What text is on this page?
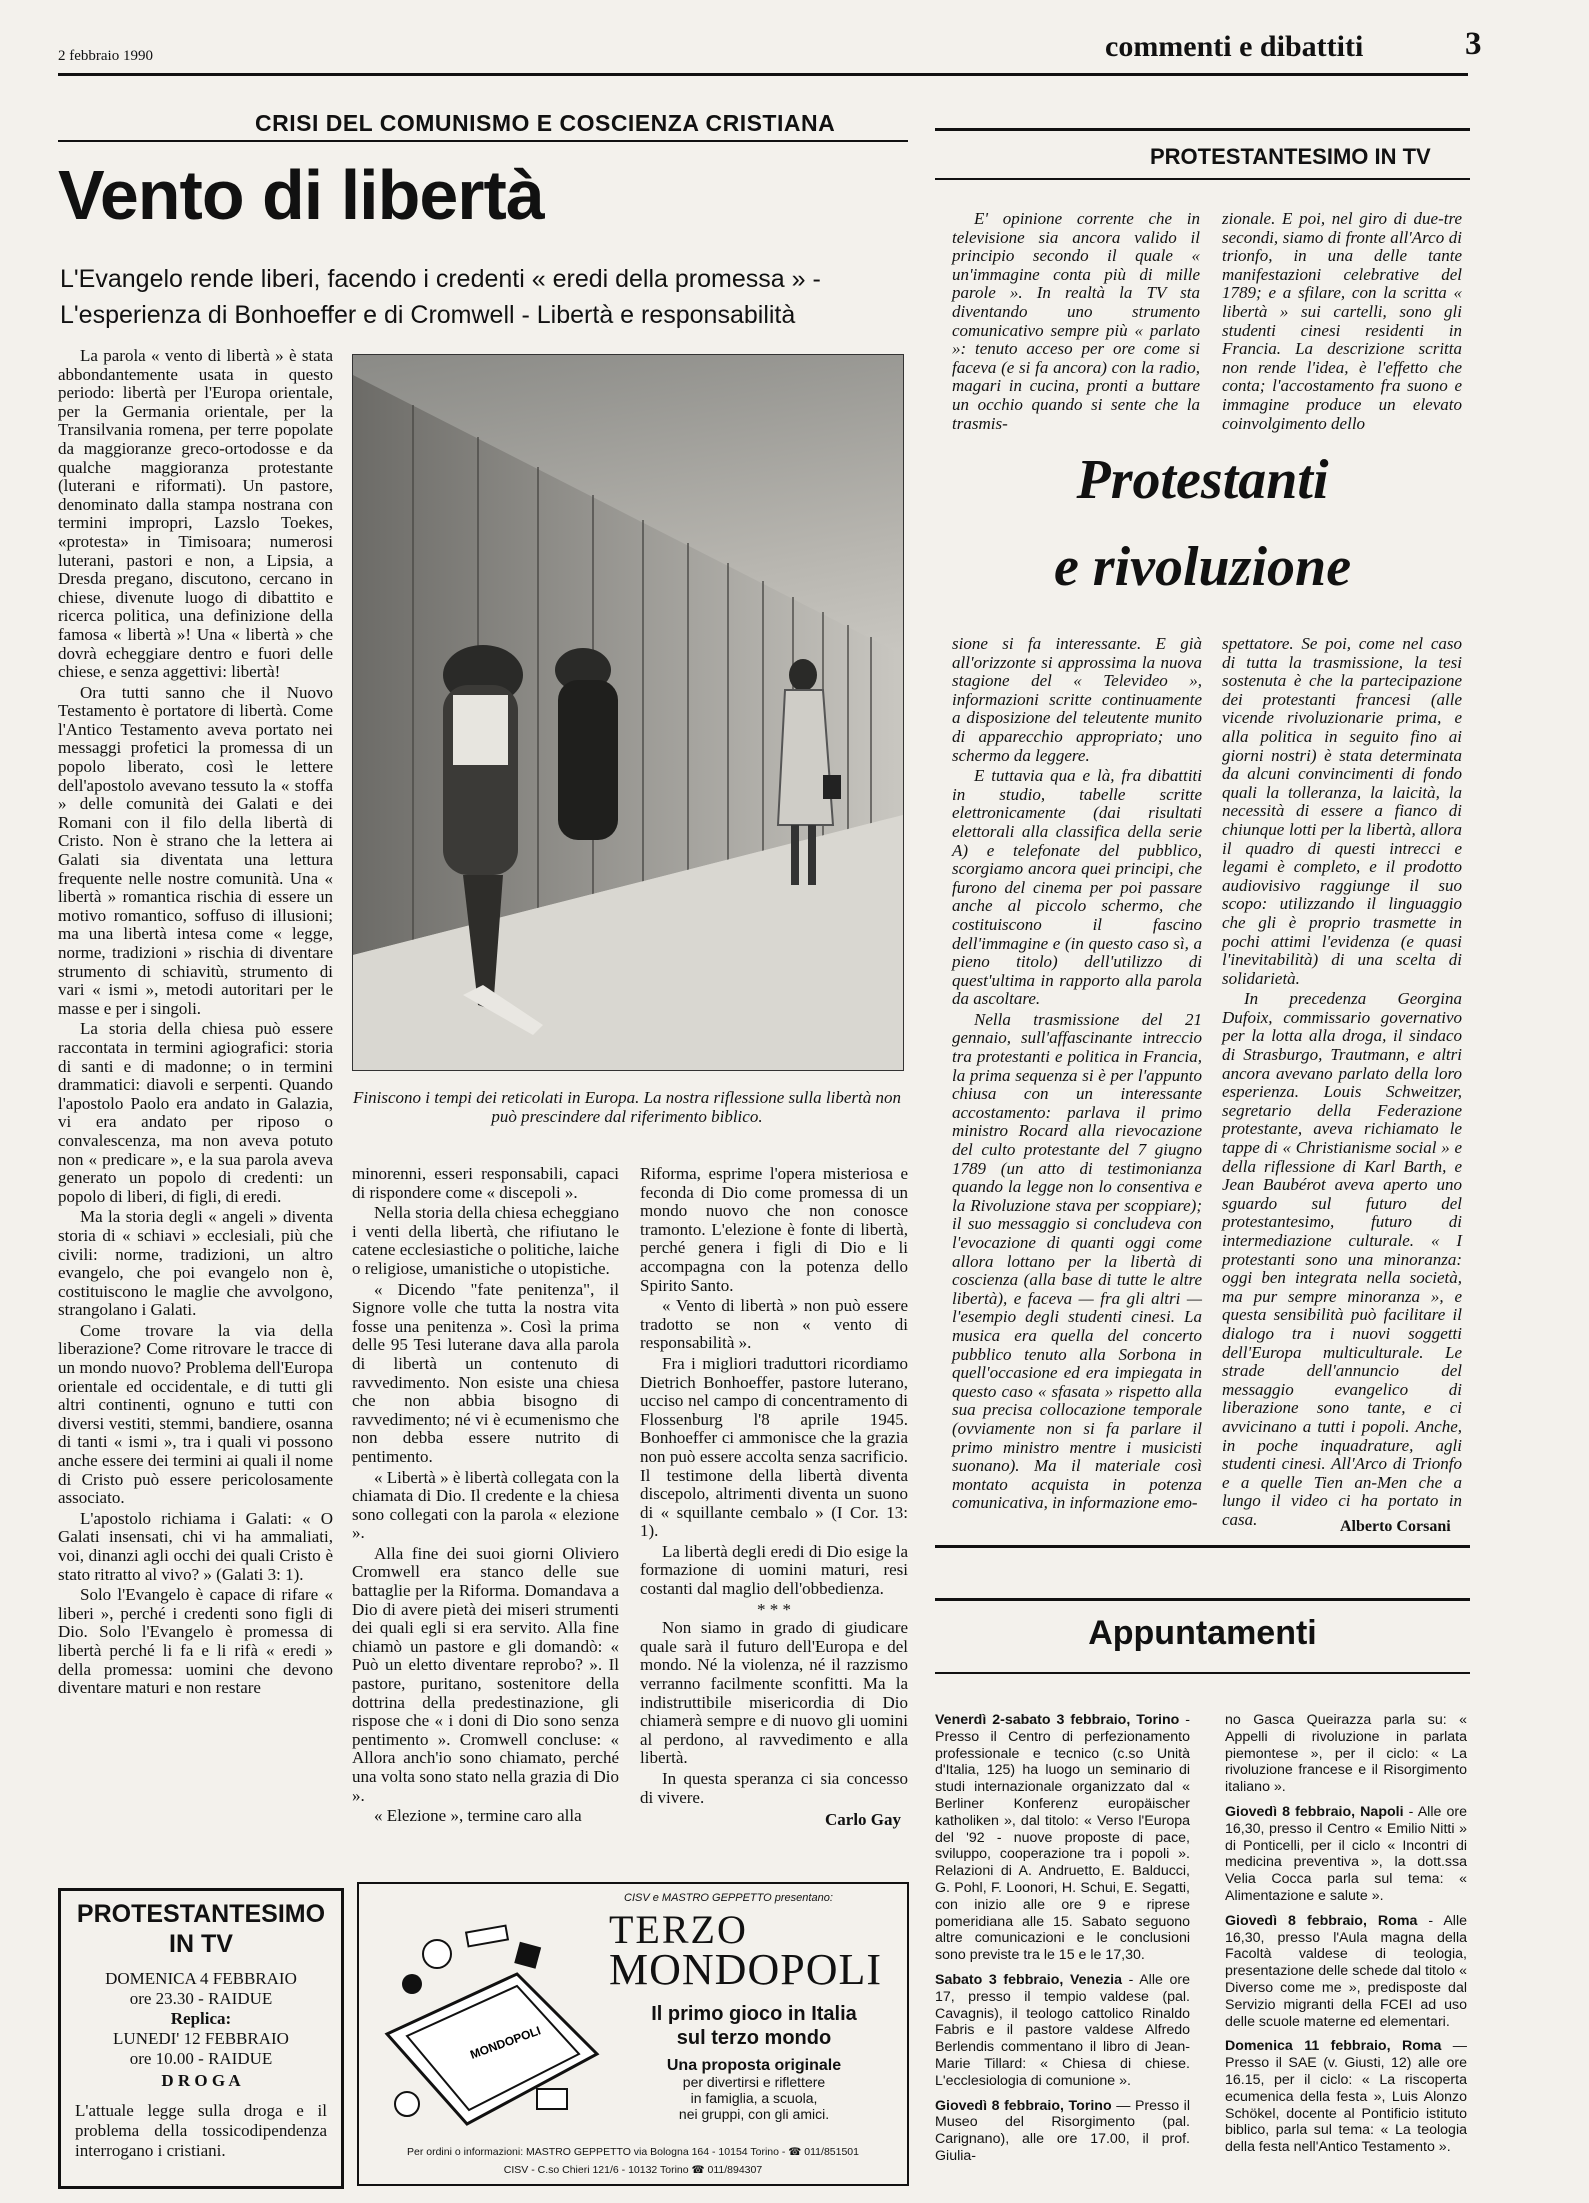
2 febbraio 1990	commenti e dibattiti	3
CRISI DEL COMUNISMO E COSCIENZA CRISTIANA
Vento di libertà
L'Evangelo rende liberi, facendo i credenti « eredi della promessa » -
L'esperienza di Bonhoeffer e di Cromwell - Libertà e responsabilità

La parola « vento di libertà » è stata abbondantemente usata in questo periodo: libertà per l'Europa orientale, per la Germania orientale, per la Transilvania romena, per terre popolate da maggioranze greco-ortodosse e da qualche maggioranza protestante (luterani e riformati). Un pastore, denominato dalla stampa nostrana con termini impropri, Lazslo Toekes, «protesta» in Timisoara; numerosi luterani, pastori e non, a Lipsia, a Dresda pregano, discutono, cercano in chiese, divenute luogo di dibattito e ricerca politica, una definizione della famosa « libertà »! Una « libertà » che dovrà echeggiare dentro e fuori delle chiese, e senza aggettivi: libertà!

Ora tutti sanno che il Nuovo Testamento è portatore di libertà. Come l'Antico Testamento aveva portato nei messaggi profetici la promessa di un popolo liberato, così le lettere dell'apostolo avevano tessuto la « stoffa » delle comunità dei Galati e dei Romani con il filo della libertà di Cristo. Non è strano che la lettera ai Galati sia diventata una lettura frequente nelle nostre comunità. Una « libertà » romantica rischia di essere un motivo romantico, soffuso di illusioni; ma una libertà intesa come « legge, norme, tradizioni » rischia di diventare strumento di schiavitù, strumento di vari « ismi », metodi autoritari per le masse e per i singoli.

La storia della chiesa può essere raccontata in termini agiografici: storia di santi e di madonne; o in termini drammatici: diavoli e serpenti. Quando l'apostolo Paolo era andato in Galazia, vi era andato per riposo o convalescenza, ma non aveva potuto non « predicare », e la sua parola aveva generato un popolo di credenti: un popolo di liberi, di figli, di eredi.

Ma la storia degli « angeli » diventa storia di « schiavi » ecclesiali, più che civili: norme, tradizioni, un altro evangelo, che poi evangelo non è, costituiscono le maglie che avvolgono, strangolano i Galati.

Come trovare la via della liberazione? Come ritrovare le tracce di un mondo nuovo? Problema dell'Europa orientale ed occidentale, e di tutti gli altri continenti, ognuno e tutti con diversi vestiti, stemmi, bandiere, osanna di tanti « ismi », tra i quali vi possono anche essere dei termini ai quali il nome di Cristo può essere pericolosamente associato.

L'apostolo richiama i Galati: « O Galati insensati, chi vi ha ammaliati, voi, dinanzi agli occhi dei quali Cristo è stato ritratto al vivo? » (Galati 3: 1).

Solo l'Evangelo è capace di rifare « liberi », perché i credenti sono figli di Dio. Solo l'Evangelo è promessa di libertà perché li fa e li rifà « eredi » della promessa: uomini che devono diventare maturi e non restare

Finiscono i tempi dei reticolati in Europa. La nostra riflessione sulla libertà non può prescindere dal riferimento biblico.

minorenni, esseri responsabili, capaci di rispondere come « discepoli ».

Nella storia della chiesa echeggiano i venti della libertà, che rifiutano le catene ecclesiastiche o politiche, laiche o religiose, umanistiche o utopistiche.

« Dicendo "fate penitenza", il Signore volle che tutta la nostra vita fosse una penitenza ». Così la prima delle 95 Tesi luterane dava alla parola di libertà un contenuto di ravvedimento. Non esiste una chiesa che non abbia bisogno di ravvedimento; né vi è ecumenismo che non debba essere nutrito di pentimento.

« Libertà » è libertà collegata con la chiamata di Dio. Il credente e la chiesa sono collegati con la parola « elezione ».

Alla fine dei suoi giorni Oliviero Cromwell era stanco delle sue battaglie per la Riforma. Domandava a Dio di avere pietà dei miseri strumenti dei quali egli si era servito. Alla fine chiamò un pastore e gli domandò: « Può un eletto diventare reprobo? ». Il pastore, puritano, sostenitore della dottrina della predestinazione, gli rispose che « i doni di Dio sono senza pentimento ». Cromwell concluse: « Allora anch'io sono chiamato, perché una volta sono stato nella grazia di Dio ».

« Elezione », termine caro alla

Riforma, esprime l'opera misteriosa e feconda di Dio come promessa di un mondo nuovo che non conosce tramonto. L'elezione è fonte di libertà, perché genera i figli di Dio e li accompagna con la potenza dello Spirito Santo.

« Vento di libertà » non può essere tradotto se non « vento di responsabilità ».

Fra i migliori traduttori ricordiamo Dietrich Bonhoeffer, pastore luterano, ucciso nel campo di concentramento di Flossenburg l'8 aprile 1945. Bonhoeffer ci ammonisce che la grazia non può essere accolta senza sacrificio. Il testimone della libertà diventa discepolo, altrimenti diventa un suono di « squillante cembalo » (I Cor. 13: 1).

La libertà degli eredi di Dio esige la formazione di uomini maturi, resi costanti dal maglio dell'obbedienza.

* * *

Non siamo in grado di giudicare quale sarà il futuro dell'Europa e del mondo. Né la violenza, né il razzismo verranno facilmente sconfitti. Ma la indistruttibile misericordia di Dio chiamerà sempre e di nuovo gli uomini al perdono, al ravvedimento e alla libertà.

In questa speranza ci sia concesso di vivere.

Carlo Gay
PROTESTANTESIMO IN TV
DOMENICA 4 FEBBRAIO
ore 23.30 - RAIDUE
Replica:
LUNEDI' 12 FEBBRAIO
ore 10.00 - RAIDUE
D R O G A
L'attuale legge sulla droga e il problema della tossicodipendenza interrogano i cristiani.
CISV e MASTRO GEPPETTO presentano:
MONDOPOLI
TERZO
MONDOPOLI
Il primo gioco in Italia
sul terzo mondo
Una proposta originale
per divertirsi e riflettere
in famiglia, a scuola,
nei gruppi, con gli amici.
Per ordini o informazioni: MASTRO GEPPETTO via Bologna 164 - 10154 Torino - ☎ 011/851501
CISV - C.so Chieri 121/6 - 10132 Torino ☎ 011/894307
PROTESTANTESIMO IN TV

E' opinione corrente che in televisione sia ancora valido il principio secondo il quale « un'immagine conta più di mille parole ». In realtà la TV sta diventando uno strumento comunicativo sempre più « parlato »: tenuto acceso per ore come si faceva (e si fa ancora) con la radio, magari in cucina, pronti a buttare un occhio quando si sente che la trasmis-

zionale. E poi, nel giro di due-tre secondi, siamo di fronte all'Arco di trionfo, in una delle tante manifestazioni celebrative del 1789; e a sfilare, con la scritta « libertà » sui cartelli, sono gli studenti cinesi residenti in Francia. La descrizione scritta non rende l'idea, è l'effetto che conta; l'accostamento fra suono e immagine produce un elevato coinvolgimento dello

Protestanti
e rivoluzione

sione si fa interessante. E già all'orizzonte si approssima la nuova stagione del « Televideo », informazioni scritte continuamente a disposizione del teleutente munito di apparecchio appropriato; uno schermo da leggere.

E tuttavia qua e là, fra dibattiti in studio, tabelle scritte elettronicamente (dai risultati elettorali alla classifica della serie A) e telefonate del pubblico, scorgiamo ancora quei principi, che furono del cinema per poi passare anche al piccolo schermo, che costituiscono il fascino dell'immagine e (in questo caso sì, a pieno titolo) dell'utilizzo di quest'ultima in rapporto alla parola da ascoltare.

Nella trasmissione del 21 gennaio, sull'affascinante intreccio tra protestanti e politica in Francia, la prima sequenza si è per l'appunto chiusa con un interessante accostamento: parlava il primo ministro Rocard alla rievocazione del culto protestante del 7 giugno 1789 (un atto di testimonianza quando la legge non lo consentiva e la Rivoluzione stava per scoppiare); il suo messaggio si concludeva con l'evocazione di quanti oggi come allora lottano per la libertà di coscienza (alla base di tutte le altre libertà), e faceva — fra gli altri — l'esempio degli studenti cinesi. La musica era quella del concerto pubblico tenuto alla Sorbona in quell'occasione ed era impiegata in questo caso « sfasata » rispetto alla sua precisa collocazione temporale (ovviamente non si fa parlare il primo ministro mentre i musicisti suonano). Ma il materiale così montato acquista in potenza comunicativa, in informazione emo-

spettatore. Se poi, come nel caso di tutta la trasmissione, la tesi sostenuta è che la partecipazione dei protestanti francesi (alle vicende rivoluzionarie prima, e alla politica in seguito fino ai giorni nostri) è stata determinata da alcuni convincimenti di fondo quali la tolleranza, la laicità, la necessità di essere a fianco di chiunque lotti per la libertà, allora il quadro di questi intrecci e legami è completo, e il prodotto audiovisivo raggiunge il suo scopo: utilizzando il linguaggio che gli è proprio trasmette in pochi attimi l'evidenza (e quasi l'inevitabilità) di una scelta di solidarietà.

In precedenza Georgina Dufoix, commissario governativo per la lotta alla droga, il sindaco di Strasburgo, Trautmann, e altri ancora avevano parlato della loro esperienza. Louis Schweitzer, segretario della Federazione protestante, aveva richiamato le tappe di « Christianisme social » e della riflessione di Karl Barth, e Jean Baubérot aveva aperto uno sguardo sul futuro del protestantesimo, futuro di intermediazione culturale. « I protestanti sono una minoranza: oggi ben integrata nella società, ma pur sempre minoranza », e questa sensibilità può facilitare il dialogo tra i nuovi soggetti dell'Europa multiculturale. Le strade dell'annuncio del messaggio evangelico di liberazione sono tante, e ci avvicinano a tutti i popoli. Anche, in poche inquadrature, agli studenti cinesi. All'Arco di Trionfo e a quelle Tien an-Men che a lungo il video ci ha portato in casa.	Alberto Corsani
Appuntamenti

Venerdì 2-sabato 3 febbraio, Torino - Presso il Centro di perfezionamento professionale e tecnico (c.so Unità d'Italia, 125) ha luogo un seminario di studi internazionale organizzato dal « Berliner Konferenz europäischer katholiken », dal titolo: « Verso l'Europa del '92 - nuove proposte di pace, sviluppo, cooperazione tra i popoli ». Relazioni di A. Andruetto, E. Balducci, G. Pohl, F. Loonori, H. Schui, E. Segatti, con inizio alle ore 9 e riprese pomeridiana alle 15. Sabato seguono altre comunicazioni e le conclusioni sono previste tra le 15 e le 17,30.

Sabato 3 febbraio, Venezia - Alle ore 17, presso il tempio valdese (pal. Cavagnis), il teologo cattolico Rinaldo Fabris e il pastore valdese Alfredo Berlendis commentano il libro di Jean-Marie Tillard: « Chiesa di chiese. L'ecclesiologia di comunione ».

Giovedì 8 febbraio, Torino — Presso il Museo del Risorgimento (pal. Carignano), alle ore 17.00, il prof. Giulia-

no Gasca Queirazza parla su: « Appelli di rivoluzione in parlata piemontese », per il ciclo: « La rivoluzione francese e il Risorgimento italiano ».

Giovedì 8 febbraio, Napoli - Alle ore 16,30, presso il Centro « Emilio Nitti » di Ponticelli, per il ciclo « Incontri di medicina preventiva », la dott.ssa Velia Cocca parla sul tema: « Alimentazione e salute ».

Giovedì 8 febbraio, Roma - Alle 16,30, presso l'Aula magna della Facoltà valdese di teologia, presentazione delle schede dal titolo « Diverso come me », predisposte dal Servizio migranti della FCEI ad uso delle scuole materne ed elementari.

Domenica 11 febbraio, Roma — Presso il SAE (v. Giusti, 12) alle ore 16.15, per il ciclo: « La riscoperta ecumenica della festa », Luis Alonzo Schökel, docente al Pontificio istituto biblico, parla sul tema: « La teologia della festa nell'Antico Testamento ».
